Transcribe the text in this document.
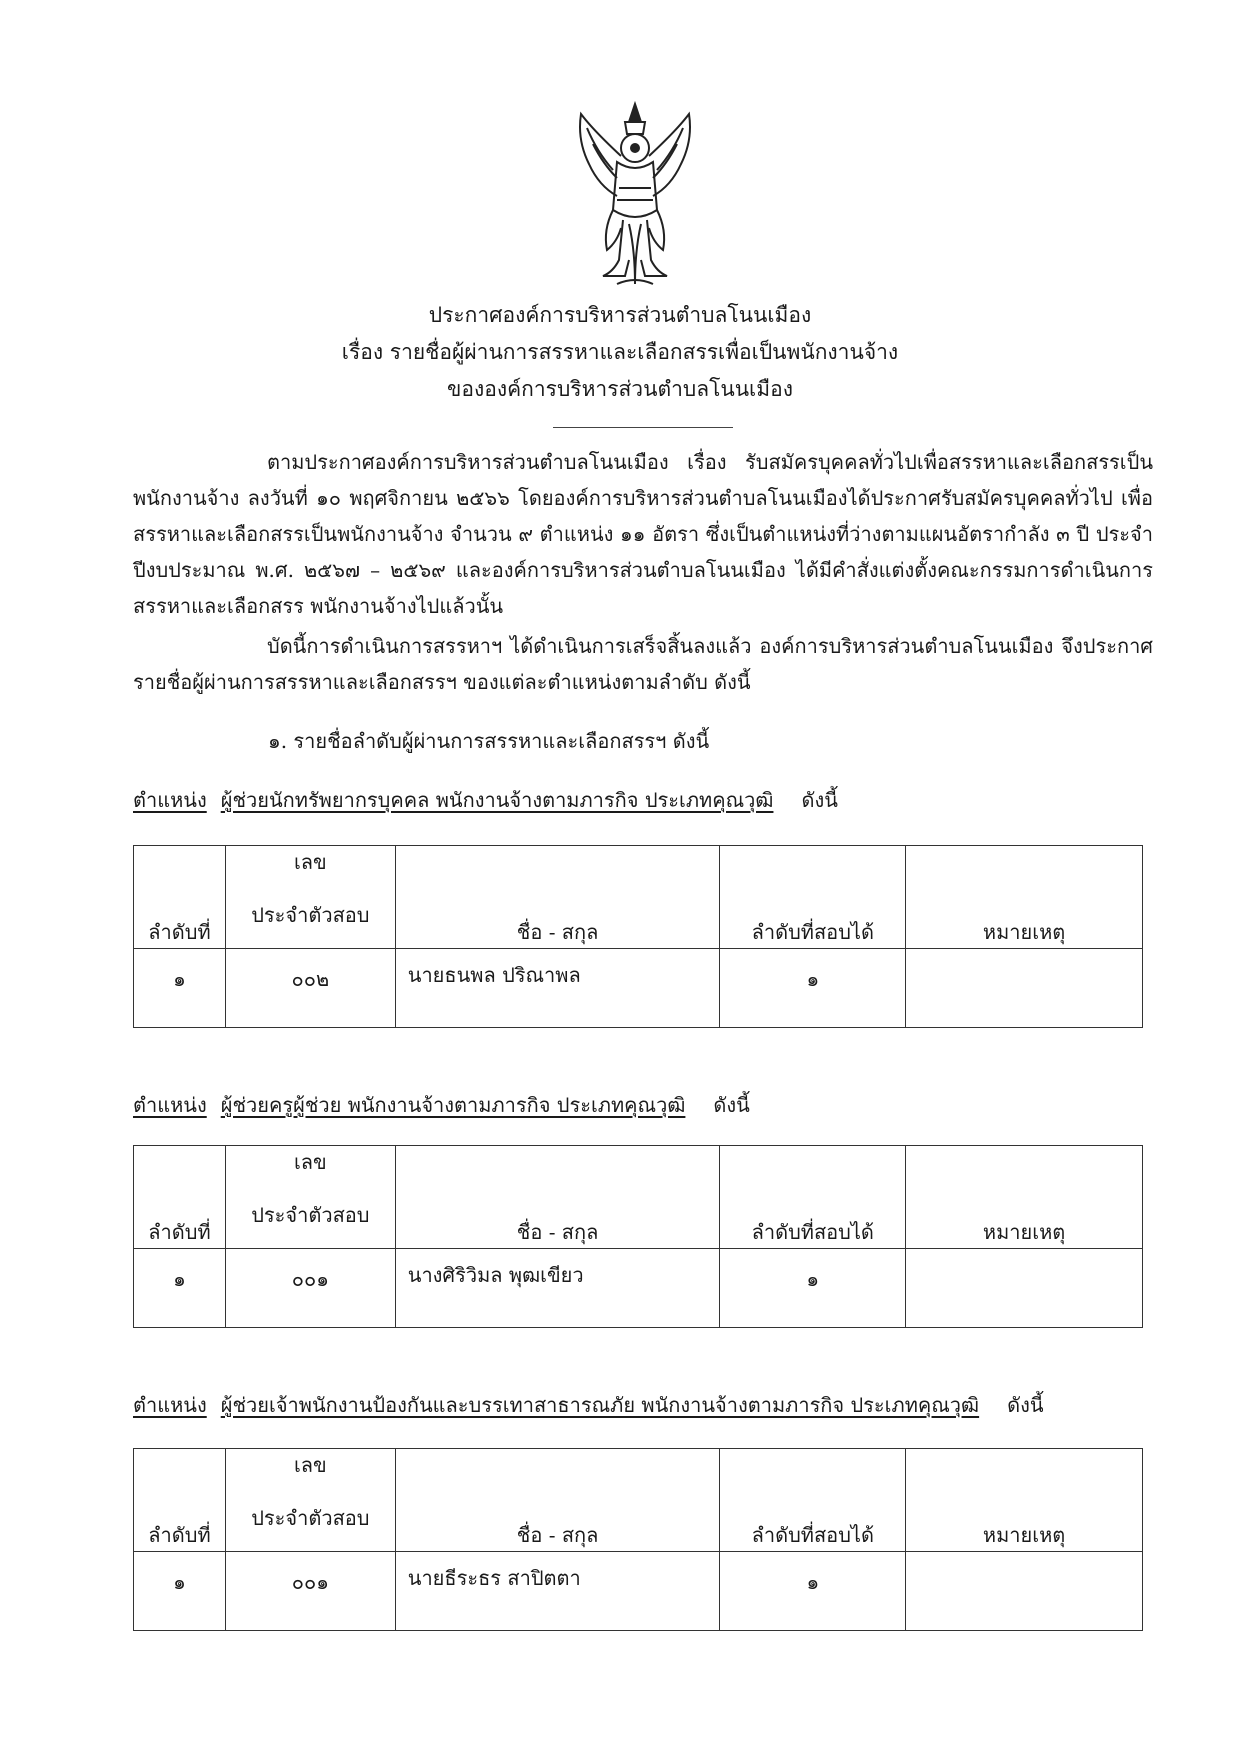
ประกาศองค์การบริหารส่วนตำบลโนนเมือง
เรื่อง รายชื่อผู้ผ่านการสรรหาและเลือกสรรเพื่อเป็นพนักงานจ้าง
ขององค์การบริหารส่วนตำบลโนนเมือง
ตามประกาศองค์การบริหารส่วนตำบลโนนเมือง เรื่อง รับสมัครบุคคลทั่วไปเพื่อสรรหาและเลือกสรรเป็นพนักงานจ้าง ลงวันที่ ๑๐ พฤศจิกายน ๒๕๖๖ โดยองค์การบริหารส่วนตำบลโนนเมืองได้ประกาศรับสมัครบุคคลทั่วไป เพื่อสรรหาและเลือกสรรเป็นพนักงานจ้าง จำนวน ๙ ตำแหน่ง ๑๑ อัตรา ซึ่งเป็นตำแหน่งที่ว่างตามแผนอัตรากำลัง ๓ ปี ประจำปีงบประมาณ พ.ศ. ๒๕๖๗ – ๒๕๖๙ และองค์การบริหารส่วนตำบลโนนเมือง ได้มีคำสั่งแต่งตั้งคณะกรรมการดำเนินการสรรหาและเลือกสรร พนักงานจ้างไปแล้วนั้น
บัดนี้การดำเนินการสรรหาฯ ได้ดำเนินการเสร็จสิ้นลงแล้ว องค์การบริหารส่วนตำบลโนนเมือง จึงประกาศรายชื่อผู้ผ่านการสรรหาและเลือกสรรฯ ของแต่ละตำแหน่งตามลำดับ ดังนี้
๑. รายชื่อลำดับผู้ผ่านการสรรหาและเลือกสรรฯ ดังนี้
ตำแหน่ง ผู้ช่วยนักทรัพยากรบุคคล พนักงานจ้างตามภารกิจ ประเภทคุณวุฒิ ดังนี้
ลำดับที่	เลข	ชื่อ - สกุล	ลำดับที่สอบได้	หมายเหตุ
	ประจำตัวสอบ			
๑	๐๐๒	นายธนพล ปริณาพล	๑	
ตำแหน่ง ผู้ช่วยครูผู้ช่วย พนักงานจ้างตามภารกิจ ประเภทคุณวุฒิ ดังนี้
ลำดับที่	เลข	ชื่อ - สกุล	ลำดับที่สอบได้	หมายเหตุ
	ประจำตัวสอบ			
๑	๐๐๑	นางศิริวิมล พุฒเขียว	๑	
ตำแหน่ง ผู้ช่วยเจ้าพนักงานป้องกันและบรรเทาสาธารณภัย พนักงานจ้างตามภารกิจ ประเภทคุณวุฒิ ดังนี้
ลำดับที่	เลข	ชื่อ - สกุล	ลำดับที่สอบได้	หมายเหตุ
	ประจำตัวสอบ			
๑	๐๐๑	นายธีระธร สาปิตตา	๑	
